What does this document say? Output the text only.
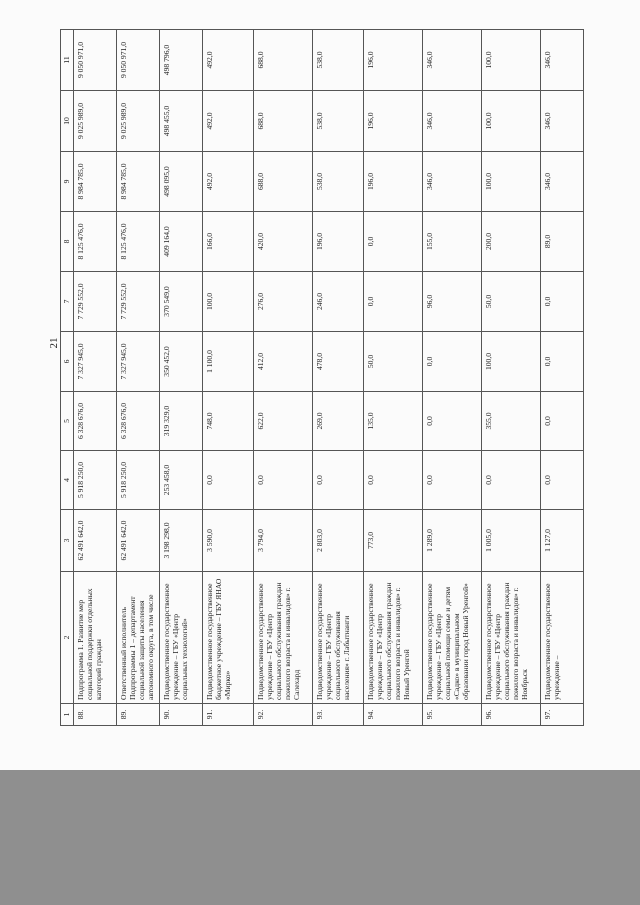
21
1	2	3	4	5	6	7	8	9	10	11
88.	Подпрограмма 1. Развитие мер социальной поддержки отдельных категорий граждан	62 491 642,0	5 918 250,0	6 328 676,0	7 327 945,0	7 729 552,0	8 125 476,0	8 984 785,0	9 025 989,0	9 050 971,0
89.	Ответственный исполнитель Подпрограммы 1 – департамент социальной защиты населения автономного округа, в том числе	62 491 642,0	5 918 250,0	6 328 676,0	7 327 945,0	7 729 552,0	8 125 476,0	8 984 785,0	9 025 989,0	9 050 971,0
90.	Подведомственное государственное учреждение – ГБУ «Центр социальных технологий»	3 198 298,0	253 458,0	319 329,0	350 452,0	370 549,0	409 164,0	498 095,0	498 455,0	498 796,0
91.	Подведомственное государственное бюджетное учреждение – ГБУ ЯНАО «Мирко»	3 590,0	0,0	748,0	1 100,0	100,0	166,0	492,0	492,0	492,0
92.	Подведомственное государственное учреждение – ГБУ «Центр социального обслуживания граждан пожилого возраста и инвалидов» г. Салехард	3 794,0	0,0	622,0	412,0	276,0	420,0	688,0	688,0	688,0
93.	Подведомственное государственное учреждение – ГБУ «Центр социального обслуживания населения» г. Лабытнанги	2 803,0	0,0	269,0	478,0	246,0	196,0	538,0	538,0	538,0
94.	Подведомственное государственное учреждение – ГБУ «Центр социального обслуживания граждан пожилого возраста и инвалидов» г. Новый Уренгой	773,0	0,0	135,0	50,0	0,0	0,0	196,0	196,0	196,0
95.	Подведомственное государственное учреждение – ГБУ «Центр социальной помощи семье и детям «Садко» в муниципальном образовании город Новый Уренгой»	1 289,0	0,0	0,0	0,0	96,0	155,0	346,0	346,0	346,0
96.	Подведомственное государственное учреждение – ГБУ «Центр социального обслуживания граждан пожилого возраста и инвалидов» г. Ноябрьск	1 005,0	0,0	355,0	100,0	50,0	200,0	100,0	100,0	100,0
97.	Подведомственное государственное учреждение –	1 127,0	0,0	0,0	0,0	0,0	89,0	346,0	346,0	346,0
